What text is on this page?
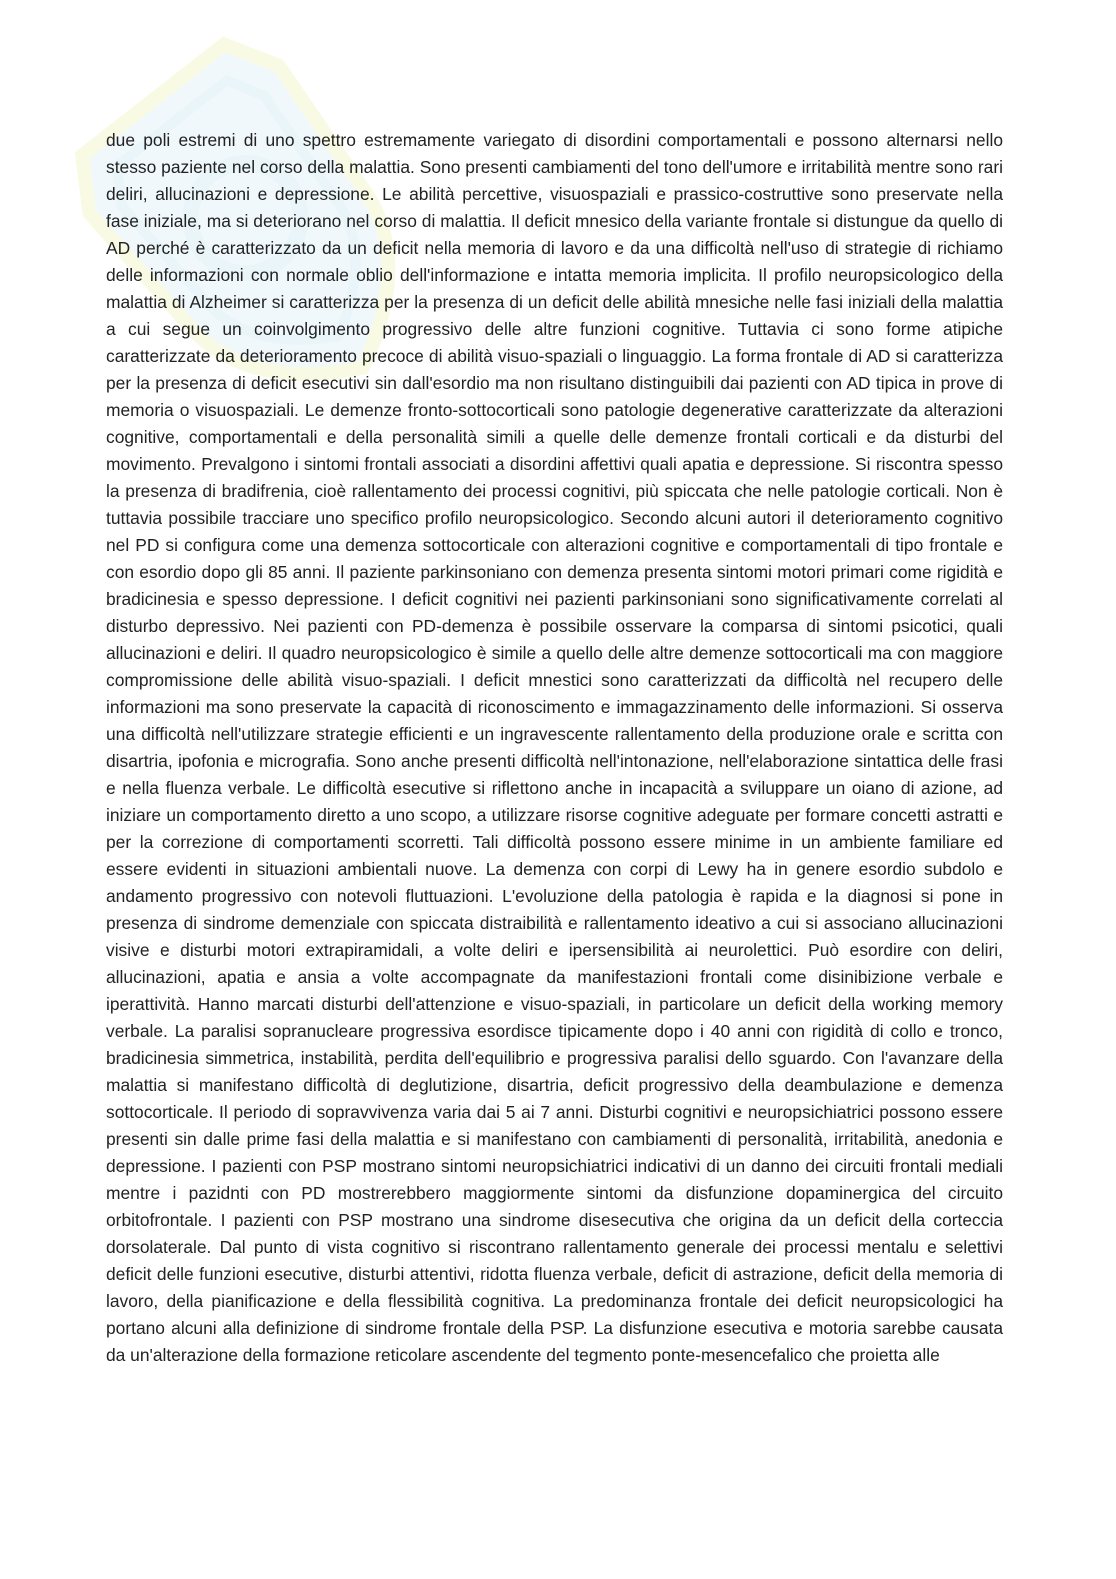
due poli estremi di uno spettro estremamente variegato di disordini comportamentali e possono alternarsi nello stesso paziente nel corso della malattia. Sono presenti cambiamenti del tono dell'umore e irritabilità mentre sono rari deliri, allucinazioni e depressione. Le abilità percettive, visuospaziali e prassico-costruttive sono preservate nella fase iniziale, ma si deteriorano nel corso di malattia. Il deficit mnesico della variante frontale si distungue da quello di AD perché è caratterizzato da un deficit nella memoria di lavoro e da una difficoltà nell'uso di strategie di richiamo delle informazioni con normale oblio dell'informazione e intatta memoria implicita. Il profilo neuropsicologico della malattia di Alzheimer si caratterizza per la presenza di un deficit delle abilità mnesiche nelle fasi iniziali della malattia a cui segue un coinvolgimento progressivo delle altre funzioni cognitive. Tuttavia ci sono forme atipiche caratterizzate da deterioramento precoce di abilità visuo-spaziali o linguaggio. La forma frontale di AD si caratterizza per la presenza di deficit esecutivi sin dall'esordio ma non risultano distinguibili dai pazienti con AD tipica in prove di memoria o visuospaziali. Le demenze fronto-sottocorticali sono patologie degenerative caratterizzate da alterazioni cognitive, comportamentali e della personalità simili a quelle delle demenze frontali corticali e da disturbi del movimento. Prevalgono i sintomi frontali associati a disordini affettivi quali apatia e depressione. Si riscontra spesso la presenza di bradifrenia, cioè rallentamento dei processi cognitivi, più spiccata che nelle patologie corticali. Non è tuttavia possibile tracciare uno specifico profilo neuropsicologico. Secondo alcuni autori il deterioramento cognitivo nel PD si configura come una demenza sottocorticale con alterazioni cognitive e comportamentali di tipo frontale e con esordio dopo gli 85 anni. Il paziente parkinsoniano con demenza presenta sintomi motori primari come rigidità e bradicinesia e spesso depressione. I deficit cognitivi nei pazienti parkinsoniani sono significativamente correlati al disturbo depressivo. Nei pazienti con PD-demenza è possibile osservare la comparsa di sintomi psicotici, quali allucinazioni e deliri. Il quadro neuropsicologico è simile a quello delle altre demenze sottocorticali ma con maggiore compromissione delle abilità visuo-spaziali. I deficit mnestici sono caratterizzati da difficoltà nel recupero delle informazioni ma sono preservate la capacità di riconoscimento e immagazzinamento delle informazioni. Si osserva una difficoltà nell'utilizzare strategie efficienti e un ingravescente rallentamento della produzione orale e scritta con disartria, ipofonia e micrografia. Sono anche presenti difficoltà nell'intonazione, nell'elaborazione sintattica delle frasi e nella fluenza verbale. Le difficoltà esecutive si riflettono anche in incapacità a sviluppare un oiano di azione, ad iniziare un comportamento diretto a uno scopo, a utilizzare risorse cognitive adeguate per formare concetti astratti e per la correzione di comportamenti scorretti. Tali difficoltà possono essere minime in un ambiente familiare ed essere evidenti in situazioni ambientali nuove. La demenza con corpi di Lewy ha in genere esordio subdolo e andamento progressivo con notevoli fluttuazioni. L'evoluzione della patologia è rapida e la diagnosi si pone in presenza di sindrome demenziale con spiccata distraibilità e rallentamento ideativo a cui si associano allucinazioni visive e disturbi motori extrapiramidali, a volte deliri e ipersensibilità ai neurolettici. Può esordire con deliri, allucinazioni, apatia e ansia a volte accompagnate da manifestazioni frontali come disinibizione verbale e iperattività. Hanno marcati disturbi dell'attenzione e visuo-spaziali, in particolare un deficit della working memory verbale. La paralisi sopranucleare progressiva esordisce tipicamente dopo i 40 anni con rigidità di collo e tronco, bradicinesia simmetrica, instabilità, perdita dell'equilibrio e progressiva paralisi dello sguardo. Con l'avanzare della malattia si manifestano difficoltà di deglutizione, disartria, deficit progressivo della deambulazione e demenza sottocorticale. Il periodo di sopravvivenza varia dai 5 ai 7 anni. Disturbi cognitivi e neuropsichiatrici possono essere presenti sin dalle prime fasi della malattia e si manifestano con cambiamenti di personalità, irritabilità, anedonia e depressione. I pazienti con PSP mostrano sintomi neuropsichiatrici indicativi di un danno dei circuiti frontali mediali mentre i pazidnti con PD mostrerebbero maggiormente sintomi da disfunzione dopaminergica del circuito orbitofrontale. I pazienti con PSP mostrano una sindrome disesecutiva che origina da un deficit della corteccia dorsolaterale. Dal punto di vista cognitivo si riscontrano rallentamento generale dei processi mentalu e selettivi deficit delle funzioni esecutive, disturbi attentivi, ridotta fluenza verbale, deficit di astrazione, deficit della memoria di lavoro, della pianificazione e della flessibilità cognitiva. La predominanza frontale dei deficit neuropsicologici ha portano alcuni alla definizione di sindrome frontale della PSP. La disfunzione esecutiva e motoria sarebbe causata da un'alterazione della formazione reticolare ascendente del tegmento ponte-mesencefalico che proietta alle
